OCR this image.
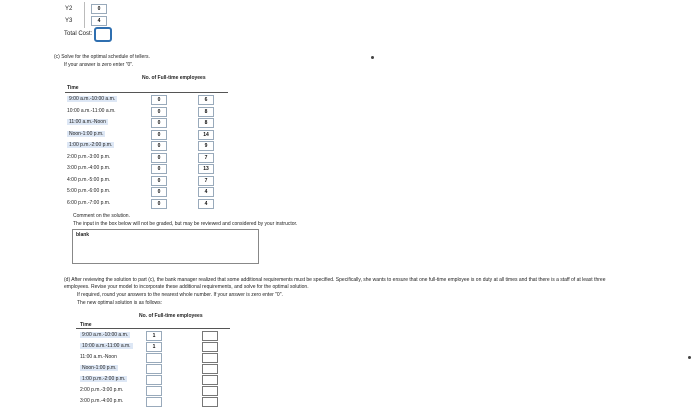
Y2	0
Y3	4
Total Cost:
(c) Solve for the optimal schedule of tellers.
If your answer is zero enter "0".
No. of Full-time employees
Time
9:00 a.m.-10:00 a.m.	0	6
10:00 a.m.-11:00 a.m.	0	8
11:00 a.m.-Noon	0	8
Noon-1:00 p.m.	0	14
1:00 p.m.-2:00 p.m.	0	9
2:00 p.m.-3:00 p.m.	0	7
3:00 p.m.-4:00 p.m.	0	13
4:00 p.m.-5:00 p.m.	0	7
5:00 p.m.-6:00 p.m.	0	4
6:00 p.m.-7:00 p.m.	0	4
Comment on the solution.
The input in the box below will not be graded, but may be reviewed and considered by your instructor.
blank
(d) After reviewing the solution to part (c), the bank manager realized that some additional requirements must be specified. Specifically, she wants to ensure that one full-time employee is on duty at all times and that there is a staff of at least three
employees. Revise your model to incorporate these additional requirements, and solve for the optimal solution.
If required, round your answers to the nearest whole number. If your answer is zero enter "0".
The new optimal solution is as follows:
No. of Full-time employees
Time
9:00 a.m.-10:00 a.m.	1
10:00 a.m.-11:00 a.m.	1
11:00 a.m.-Noon
Noon-1:00 p.m.
1:00 p.m.-2:00 p.m.
2:00 p.m.-3:00 p.m.
3:00 p.m.-4:00 p.m.
